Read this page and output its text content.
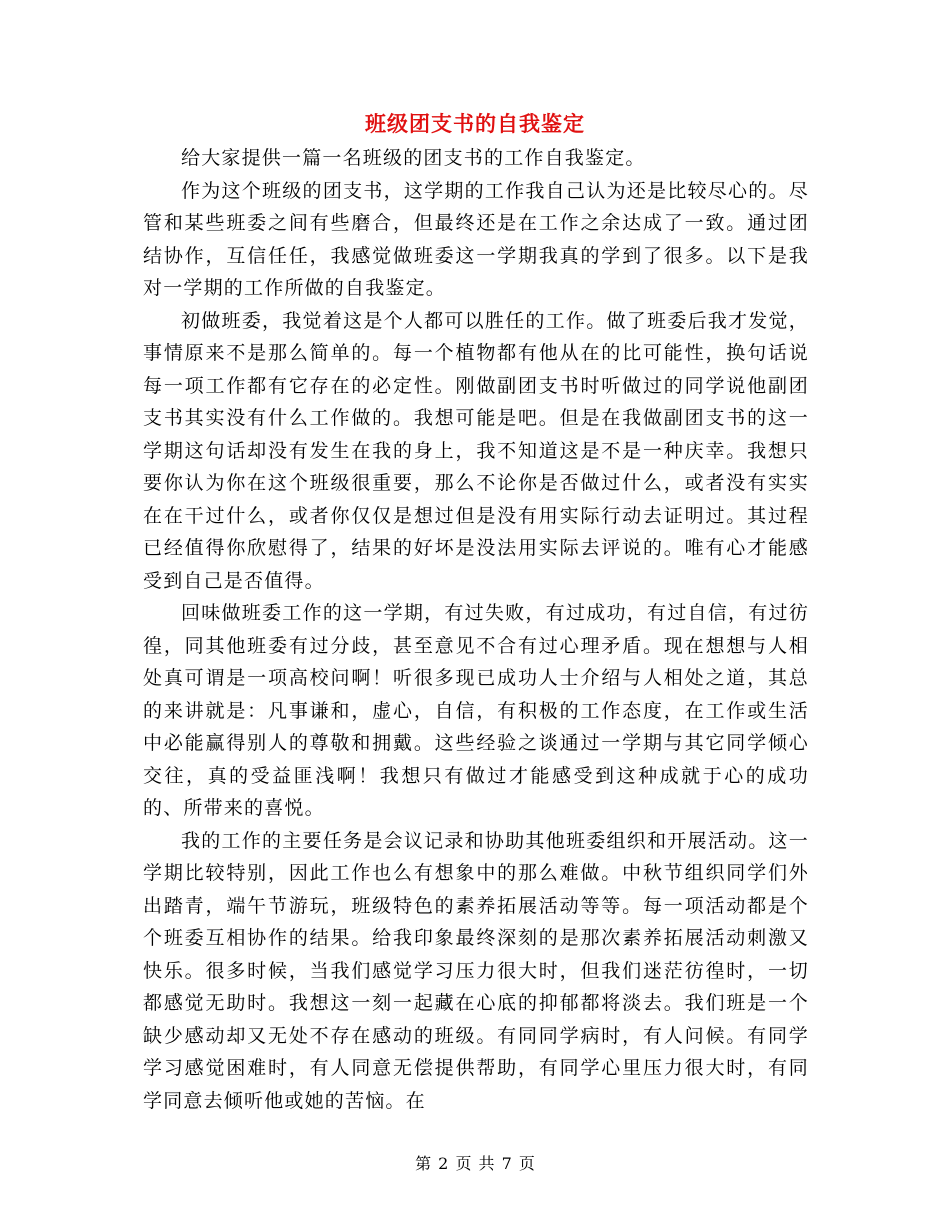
班级团支书的自我鉴定

给大家提供一篇一名班级的团支书的工作自我鉴定。

作为这个班级的团支书，这学期的工作我自己认为还是比较尽心的。尽管和某些班委之间有些磨合，但最终还是在工作之余达成了一致。通过团结协作，互信任任，我感觉做班委这一学期我真的学到了很多。以下是我对一学期的工作所做的自我鉴定。

初做班委，我觉着这是个人都可以胜任的工作。做了班委后我才发觉，事情原来不是那么简单的。每一个植物都有他从在的比可能性，换句话说每一项工作都有它存在的必定性。刚做副团支书时听做过的同学说他副团支书其实没有什么工作做的。我想可能是吧。但是在我做副团支书的这一学期这句话却没有发生在我的身上，我不知道这是不是一种庆幸。我想只要你认为你在这个班级很重要，那么不论你是否做过什么，或者没有实实在在干过什么，或者你仅仅是想过但是没有用实际行动去证明过。其过程已经值得你欣慰得了，结果的好坏是没法用实际去评说的。唯有心才能感受到自己是否值得。

回味做班委工作的这一学期，有过失败，有过成功，有过自信，有过彷徨，同其他班委有过分歧，甚至意见不合有过心理矛盾。现在想想与人相处真可谓是一项高校问啊！听很多现已成功人士介绍与人相处之道，其总的来讲就是：凡事谦和，虚心，自信，有积极的工作态度，在工作或生活中必能赢得别人的尊敬和拥戴。这些经验之谈通过一学期与其它同学倾心交往，真的受益匪浅啊！我想只有做过才能感受到这种成就于心的成功的、所带来的喜悦。

我的工作的主要任务是会议记录和协助其他班委组织和开展活动。这一学期比较特别，因此工作也么有想象中的那么难做。中秋节组织同学们外出踏青，端午节游玩，班级特色的素养拓展活动等等。每一项活动都是个个班委互相协作的结果。给我印象最终深刻的是那次素养拓展活动刺激又快乐。很多时候，当我们感觉学习压力很大时，但我们迷茫彷徨时，一切都感觉无助时。我想这一刻一起藏在心底的抑郁都将淡去。我们班是一个缺少感动却又无处不存在感动的班级。有同同学病时，有人问候。有同学学习感觉困难时，有人同意无偿提供帮助，有同学心里压力很大时，有同学同意去倾听他或她的苦恼。在

第 2 页 共 7 页
